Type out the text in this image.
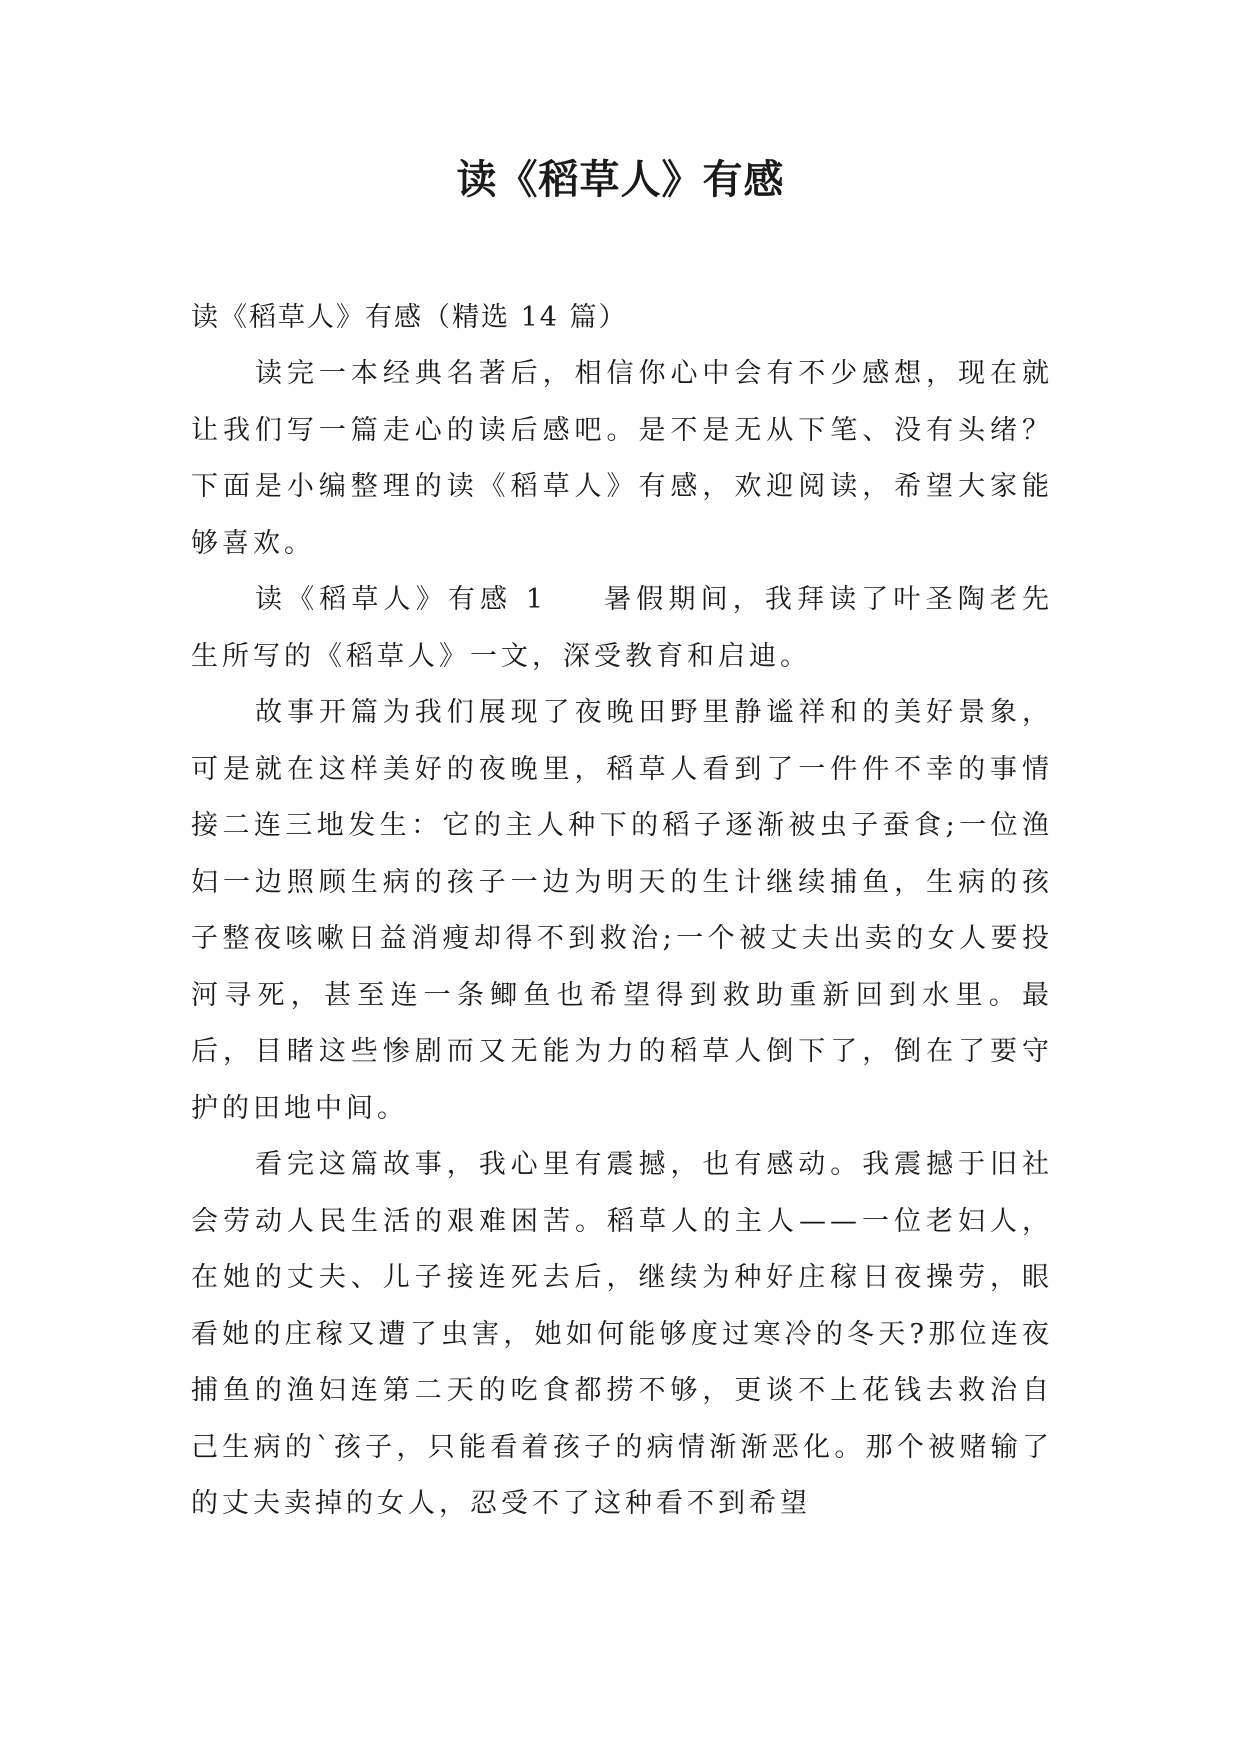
读《稻草人》有感

读《稻草人》有感（精选 14 篇）

读完一本经典名著后，相信你心中会有不少感想，现在就让我们写一篇走心的读后感吧。是不是无从下笔、没有头绪？下面是小编整理的读《稻草人》有感，欢迎阅读，希望大家能够喜欢。

读《稻草人》有感 1 暑假期间，我拜读了叶圣陶老先生所写的《稻草人》一文，深受教育和启迪。

故事开篇为我们展现了夜晚田野里静谧祥和的美好景象，可是就在这样美好的夜晚里，稻草人看到了一件件不幸的事情接二连三地发生：它的主人种下的稻子逐渐被虫子蚕食;一位渔妇一边照顾生病的孩子一边为明天的生计继续捕鱼，生病的孩子整夜咳嗽日益消瘦却得不到救治;一个被丈夫出卖的女人要投河寻死，甚至连一条鲫鱼也希望得到救助重新回到水里。最后，目睹这些惨剧而又无能为力的稻草人倒下了，倒在了要守护的田地中间。

看完这篇故事，我心里有震撼，也有感动。我震撼于旧社会劳动人民生活的艰难困苦。稻草人的主人——一位老妇人，在她的丈夫、儿子接连死去后，继续为种好庄稼日夜操劳，眼看她的庄稼又遭了虫害，她如何能够度过寒冷的冬天?那位连夜捕鱼的渔妇连第二天的吃食都捞不够，更谈不上花钱去救治自己生病的`孩子，只能看着孩子的病情渐渐恶化。那个被赌输了的丈夫卖掉的女人，忍受不了这种看不到希望
